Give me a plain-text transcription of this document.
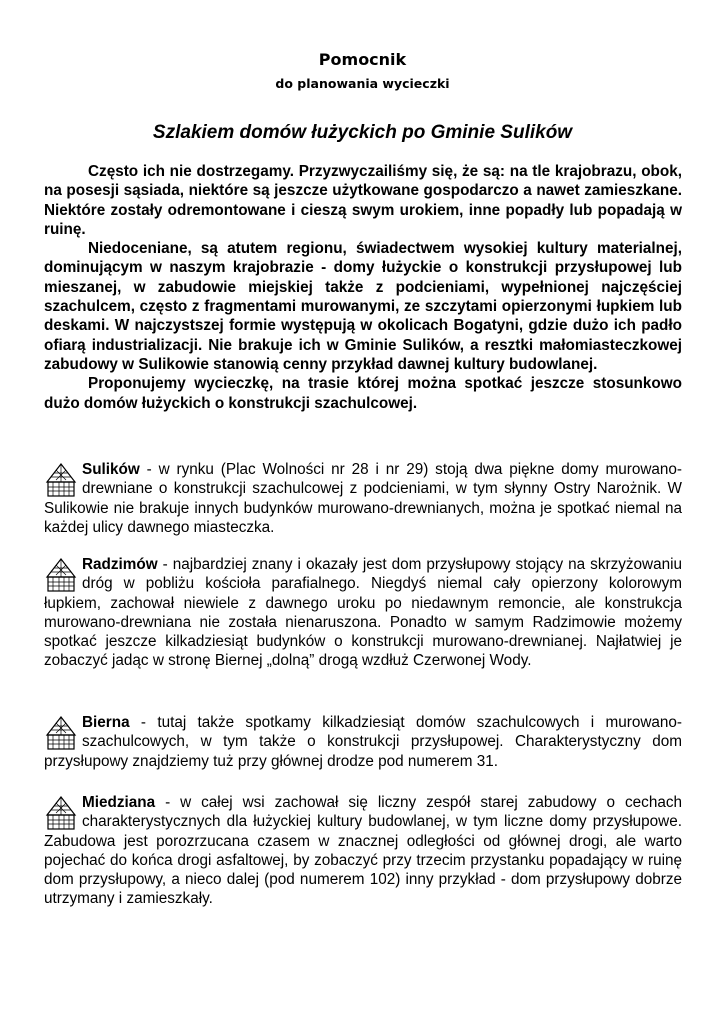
Pomocnik
do planowania wycieczki
Szlakiem domów łużyckich po Gminie Sulików

Często ich nie dostrzegamy. Przyzwyczailiśmy się, że są: na tle krajobrazu, obok, na posesji sąsiada, niektóre są jeszcze użytkowane gospodarczo a nawet zamieszkane. Niektóre zostały odremontowane i cieszą swym urokiem, inne popadły lub popadają w ruinę.

Niedoceniane, są atutem regionu, świadectwem wysokiej kultury materialnej, dominującym w naszym krajobrazie - domy łużyckie o konstrukcji przysłupowej lub mieszanej, w zabudowie miejskiej także z podcieniami, wypełnionej najczęściej szachulcem, często z fragmentami murowanymi, ze szczytami opierzonymi łupkiem lub deskami. W najczystszej formie występują w okolicach Bogatyni, gdzie dużo ich padło ofiarą industrializacji. Nie brakuje ich w Gminie Sulików, a resztki małomiasteczkowej zabudowy w Sulikowie stanowią cenny przykład dawnej kultury budowlanej.

Proponujemy wycieczkę, na trasie której można spotkać jeszcze stosunkowo dużo domów łużyckich o konstrukcji szachulcowej.

Sulików - w rynku (Plac Wolności nr 28 i nr 29) stoją dwa piękne domy murowano-drewniane o konstrukcji szachulcowej z podcieniami, w tym słynny Ostry Narożnik. W Sulikowie nie brakuje innych budynków murowano-drewnianych, można je spotkać niemal na każdej ulicy dawnego miasteczka.

Radzimów - najbardziej znany i okazały jest dom przysłupowy stojący na skrzyżowaniu dróg w pobliżu kościoła parafialnego. Niegdyś niemal cały opierzony kolorowym łupkiem, zachował niewiele z dawnego uroku po niedawnym remoncie, ale konstrukcja murowano-drewniana nie została nienaruszona. Ponadto w samym Radzimowie możemy spotkać jeszcze kilkadziesiąt budynków o konstrukcji murowano-drewnianej. Najłatwiej je zobaczyć jadąc w stronę Biernej „dolną” drogą wzdłuż Czerwonej Wody.

Bierna - tutaj także spotkamy kilkadziesiąt domów szachulcowych i murowano-szachulcowych, w tym także o konstrukcji przysłupowej. Charakterystyczny dom przysłupowy znajdziemy tuż przy głównej drodze pod numerem 31.

Miedziana - w całej wsi zachował się liczny zespół starej zabudowy o cechach charakterystycznych dla łużyckiej kultury budowlanej, w tym liczne domy przysłupowe. Zabudowa jest porozrzucana czasem w znacznej odległości od głównej drogi, ale warto pojechać do końca drogi asfaltowej, by zobaczyć przy trzecim przystanku popadający w ruinę dom przysłupowy, a nieco dalej (pod numerem 102) inny przykład - dom przysłupowy dobrze utrzymany i zamieszkały.
